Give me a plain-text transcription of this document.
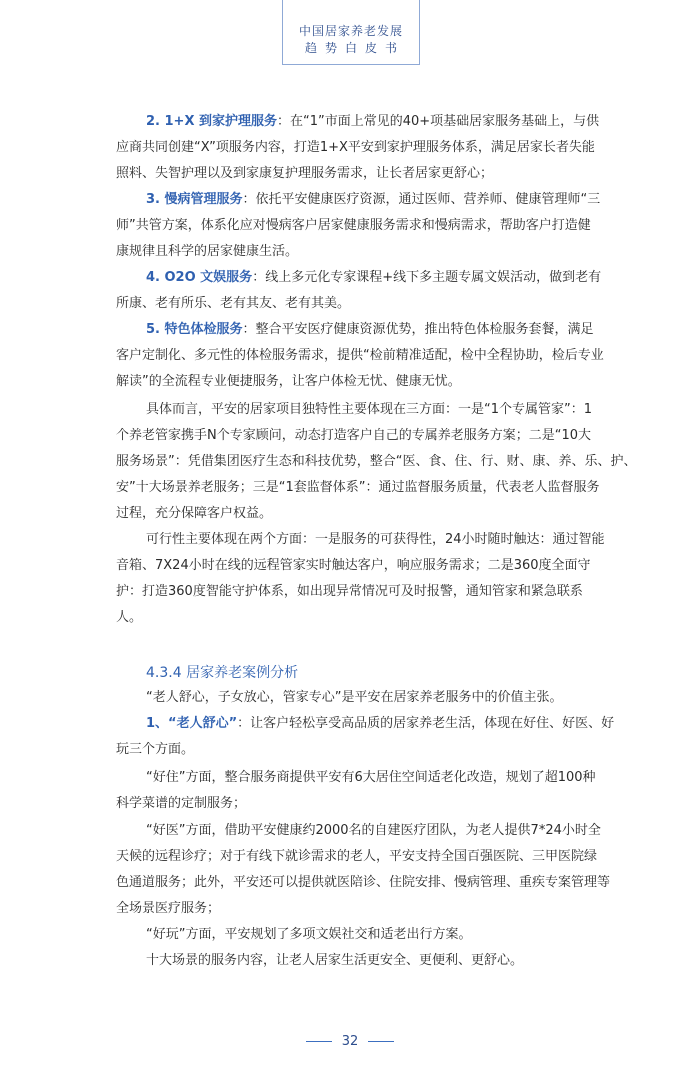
中国居家养老发展
趋势白皮书
2. 1+X 到家护理服务：在“1”市面上常见的40+项基础居家服务基础上，与供
应商共同创建“X”项服务内容，打造1+X平安到家护理服务体系，满足居家长者失能
照料、失智护理以及到家康复护理服务需求，让长者居家更舒心；
3. 慢病管理服务：依托平安健康医疗资源，通过医师、营养师、健康管理师“三
师”共管方案，体系化应对慢病客户居家健康服务需求和慢病需求，帮助客户打造健
康规律且科学的居家健康生活。
4. O2O 文娱服务：线上多元化专家课程+线下多主题专属文娱活动，做到老有
所康、老有所乐、老有其友、老有其美。
5. 特色体检服务：整合平安医疗健康资源优势，推出特色体检服务套餐，满足
客户定制化、多元性的体检服务需求，提供“检前精准适配，检中全程协助，检后专业
解读”的全流程专业便捷服务，让客户体检无忧、健康无忧。
具体而言，平安的居家项目独特性主要体现在三方面：一是“1个专属管家”：1
个养老管家携手N个专家顾问，动态打造客户自己的专属养老服务方案；二是“10大
服务场景”：凭借集团医疗生态和科技优势，整合“医、食、住、行、财、康、养、乐、护、
安”十大场景养老服务；三是“1套监督体系”：通过监督服务质量，代表老人监督服务
过程，充分保障客户权益。
可行性主要体现在两个方面：一是服务的可获得性，24小时随时触达：通过智能
音箱、7X24小时在线的远程管家实时触达客户，响应服务需求；二是360度全面守
护：打造360度智能守护体系，如出现异常情况可及时报警，通知管家和紧急联系
人。
4.3.4 居家养老案例分析
“老人舒心，子女放心，管家专心”是平安在居家养老服务中的价值主张。
1、“老人舒心”：让客户轻松享受高品质的居家养老生活，体现在好住、好医、好
玩三个方面。
“好住”方面，整合服务商提供平安有6大居住空间适老化改造，规划了超100种
科学菜谱的定制服务；
“好医”方面，借助平安健康约2000名的自建医疗团队，为老人提供7*24小时全
天候的远程诊疗；对于有线下就诊需求的老人，平安支持全国百强医院、三甲医院绿
色通道服务；此外，平安还可以提供就医陪诊、住院安排、慢病管理、重疾专案管理等
全场景医疗服务；
“好玩”方面，平安规划了多项文娱社交和适老出行方案。
十大场景的服务内容，让老人居家生活更安全、更便利、更舒心。
32
